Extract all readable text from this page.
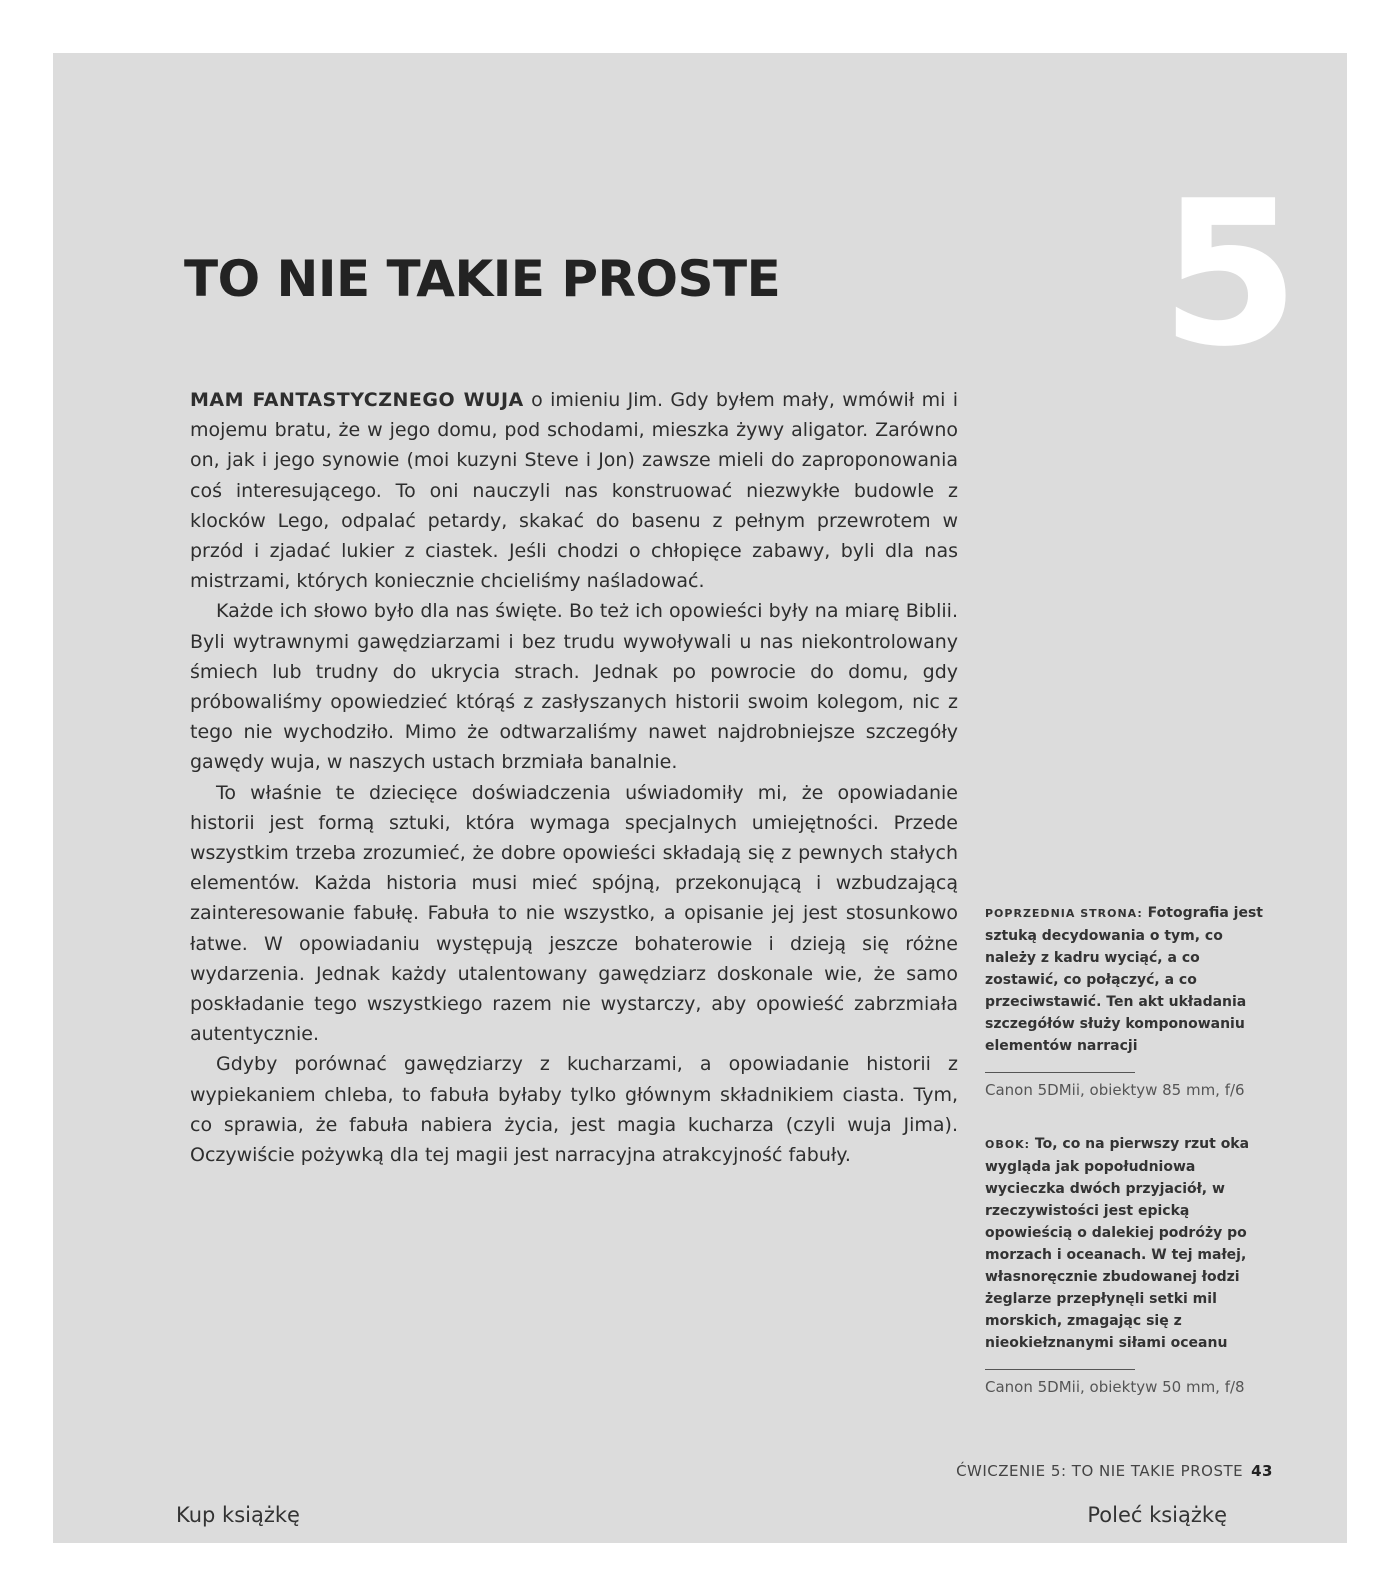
5
TO NIE TAKIE PROSTE

MAM FANTASTYCZNEGO WUJA o imieniu Jim. Gdy byłem mały, wmówił mi i mojemu bratu, że w jego domu, pod schodami, mieszka żywy aligator. Zarówno on, jak i jego synowie (moi kuzyni Steve i Jon) zawsze mieli do zaproponowania coś interesującego. To oni nauczyli nas konstruować niezwykłe budowle z klocków Lego, odpalać petardy, skakać do basenu z pełnym przewrotem w przód i zjadać lukier z ciastek. Jeśli chodzi o chłopięce zabawy, byli dla nas mistrzami, których koniecznie chcieliśmy naśladować.

Każde ich słowo było dla nas święte. Bo też ich opowieści były na miarę Biblii. Byli wytrawnymi gawędziarzami i bez trudu wywoływali u nas niekontrolowany śmiech lub trudny do ukrycia strach. Jednak po powrocie do domu, gdy próbowaliśmy opowiedzieć którąś z zasłyszanych historii swoim kolegom, nic z tego nie wychodziło. Mimo że odtwarzaliśmy nawet najdrobniejsze szczegóły gawędy wuja, w naszych ustach brzmiała banalnie.

To właśnie te dziecięce doświadczenia uświadomiły mi, że opowiadanie historii jest formą sztuki, która wymaga specjalnych umiejętności. Przede wszystkim trzeba zrozumieć, że dobre opowieści składają się z pewnych stałych elementów. Każda historia musi mieć spójną, przekonującą i wzbudzającą zainteresowanie fabułę. Fabuła to nie wszystko, a opisanie jej jest stosunkowo łatwe. W opowiadaniu występują jeszcze bohaterowie i dzieją się różne wydarzenia. Jednak każdy utalentowany gawędziarz doskonale wie, że samo poskładanie tego wszystkiego razem nie wystarczy, aby opowieść zabrzmiała autentycznie.

Gdyby porównać gawędziarzy z kucharzami, a opowiadanie historii z wypiekaniem chleba, to fabuła byłaby tylko głównym składnikiem ciasta. Tym, co sprawia, że fabuła nabiera życia, jest magia kucharza (czyli wuja Jima). Oczywiście pożywką dla tej magii jest narracyjna atrakcyjność fabuły.

POPRZEDNIA STRONA: Fotografia jest sztuką decydowania o tym, co należy z kadru wyciąć, a co zostawić, co połączyć, a co przeciwstawić. Ten akt układania szczegółów służy komponowaniu elementów narracji
Canon 5DMii, obiektyw 85 mm, f/6
OBOK: To, co na pierwszy rzut oka wygląda jak popołudniowa wycieczka dwóch przyjaciół, w rzeczywistości jest epicką opowieścią o dalekiej podróży po morzach i oceanach. W tej małej, własnoręcznie zbudowanej łodzi żeglarze przepłynęli setki mil morskich, zmagając się z nieokiełznanymi siłami oceanu
Canon 5DMii, obiektyw 50 mm, f/8
ĆWICZENIE 5: TO NIE TAKIE PROSTE 43
Kup książkę	Poleć książkę
